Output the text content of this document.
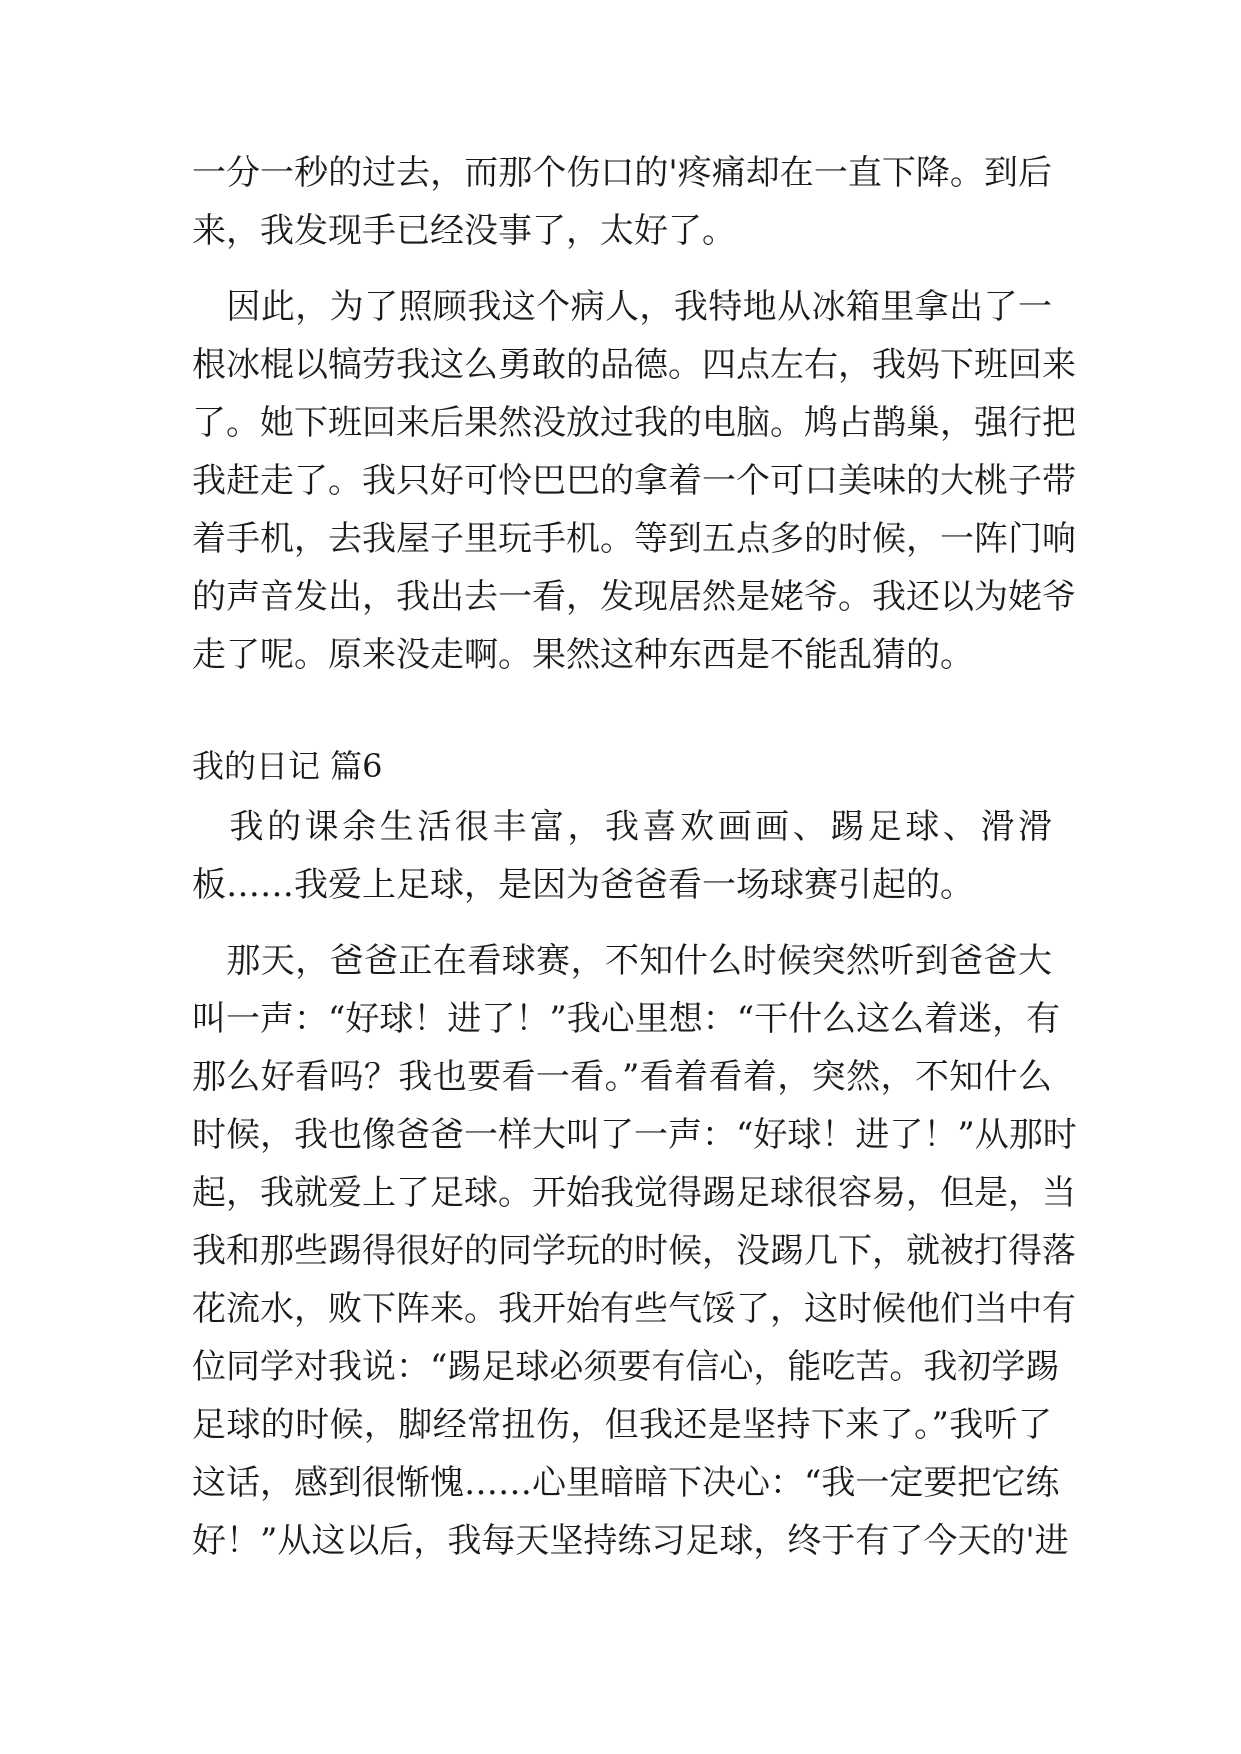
一分一秒的过去，而那个伤口的'疼痛却在一直下降。到后
来，我发现手已经没事了，太好了。
　因此，为了照顾我这个病人，我特地从冰箱里拿出了一
根冰棍以犒劳我这么勇敢的品德。四点左右，我妈下班回来
了。她下班回来后果然没放过我的电脑。鸠占鹊巢，强行把
我赶走了。我只好可怜巴巴的拿着一个可口美味的大桃子带
着手机，去我屋子里玩手机。等到五点多的时候，一阵门响
的声音发出，我出去一看，发现居然是姥爷。我还以为姥爷
走了呢。原来没走啊。果然这种东西是不能乱猜的。
我的日记 篇6
　我的课余生活很丰富，我喜欢画画、踢足球、滑滑
板……我爱上足球，是因为爸爸看一场球赛引起的。
　那天，爸爸正在看球赛，不知什么时候突然听到爸爸大
叫一声：“好球！进了！”我心里想：“干什么这么着迷，有
那么好看吗？我也要看一看。”看着看着，突然，不知什么
时候，我也像爸爸一样大叫了一声：“好球！进了！”从那时
起，我就爱上了足球。开始我觉得踢足球很容易，但是，当
我和那些踢得很好的同学玩的时候，没踢几下，就被打得落
花流水，败下阵来。我开始有些气馁了，这时候他们当中有
位同学对我说：“踢足球必须要有信心，能吃苦。我初学踢
足球的时候，脚经常扭伤，但我还是坚持下来了。”我听了
这话，感到很惭愧……心里暗暗下决心：“我一定要把它练
好！”从这以后，我每天坚持练习足球，终于有了今天的'进
